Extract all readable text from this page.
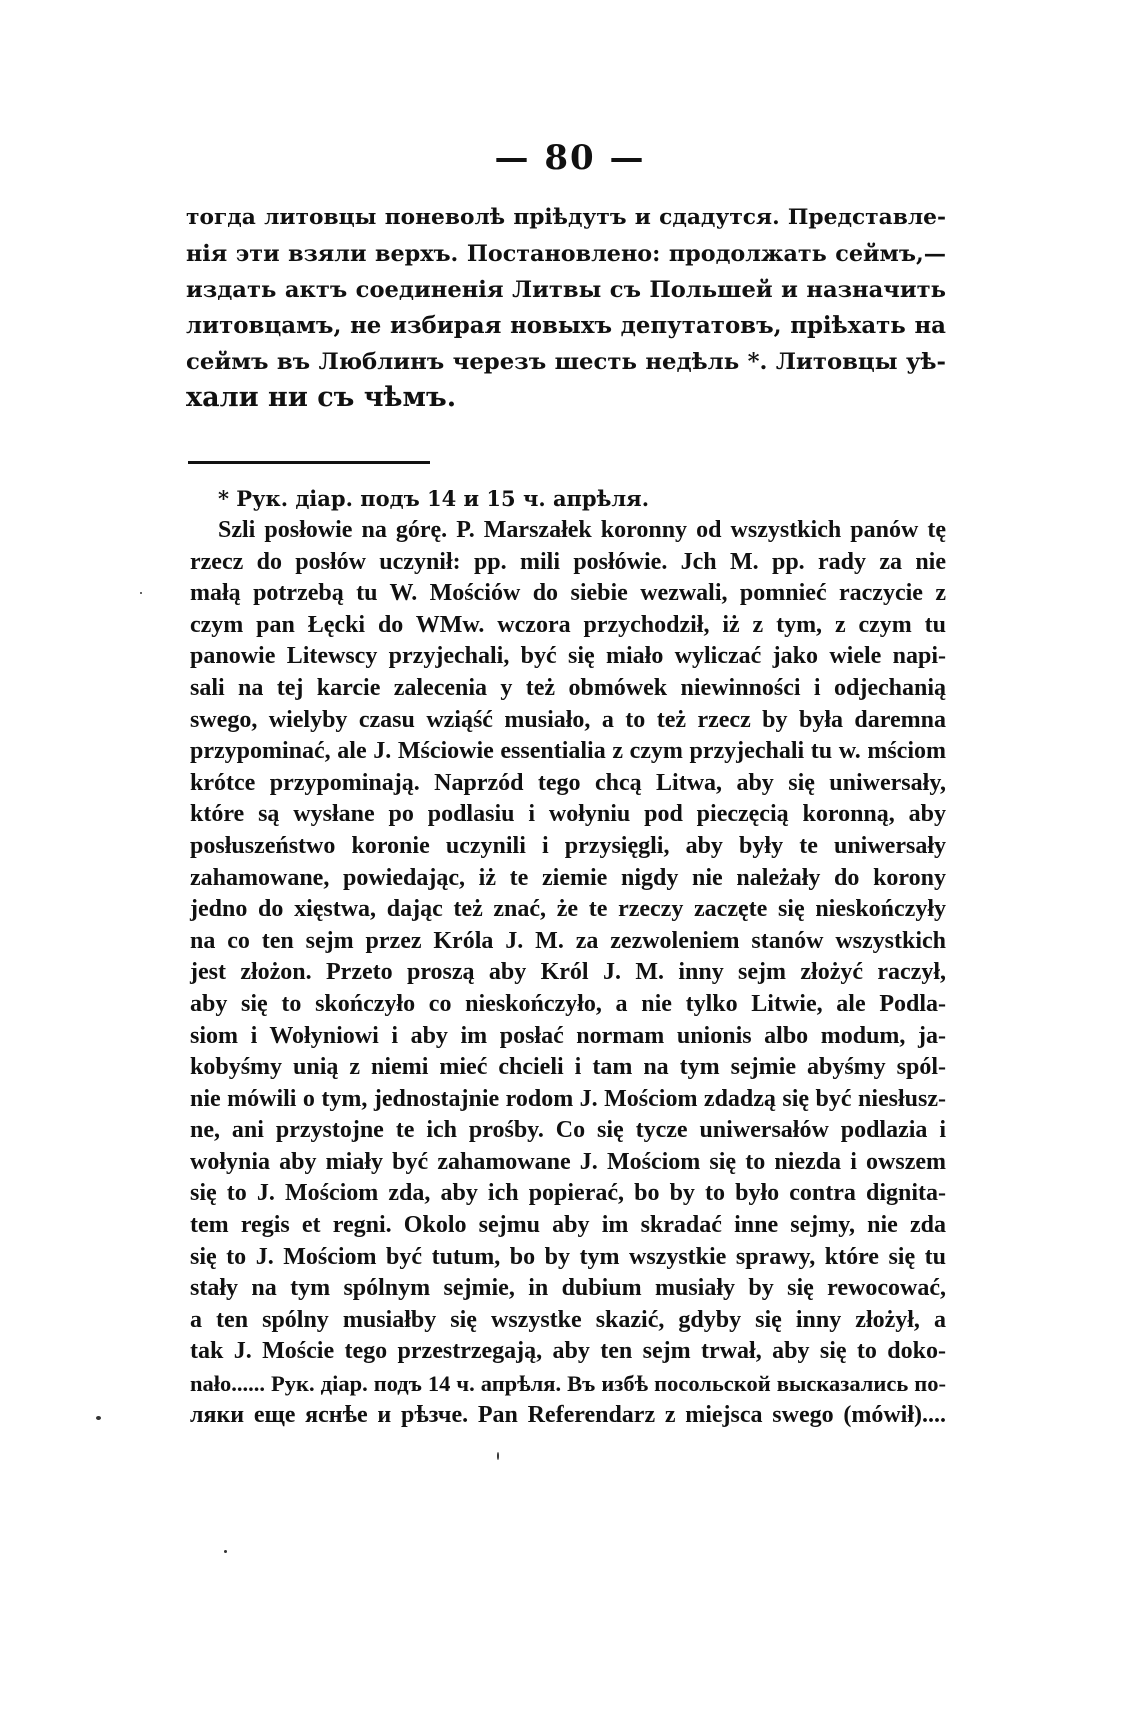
— 80 —
тогда литовцы поневолѣ пріѣдутъ и сдадутся. Представле-
нія эти взяли верхъ. Постановлено: продолжать сеймъ,—
издать актъ соединенія Литвы съ Польшей и назначить
литовцамъ, не избирая новыхъ депутатовъ, пріѣхать на
сеймъ въ Люблинъ черезъ шесть недѣль *. Литовцы уѣ-
хали ни съ чѣмъ.
* Рук. діар. подъ 14 и 15 ч. апрѣля.
Szli posłowie na górę. P. Marszałek koronny od wszystkich panów tę
rzecz do posłów uczynił: pp. mili posłówie. Jch M. pp. rady za nie
małą potrzebą tu W. Mościów do siebie wezwali, pomnieć raczycie z
czym pan Łęcki do WMw. wczora przychodził, iż z tym, z czym tu
panowie Litewscy przyjechali, być się miało wyliczać jako wiele napi-
sali na tej karcie zalecenia y też obmówek niewinności i odjechanią
swego, wielyby czasu wziąść musiało, a to też rzecz by była daremna
przypominać, ale J. Mściowie essentialia z czym przyjechali tu w. mściom
krótce przypominają. Naprzód tego chcą Litwa, aby się uniwersały,
które są wysłane po podlasiu i wołyniu pod pieczęcią koronną, aby
posłuszeństwo koronie uczynili i przysięgli, aby były te uniwersały
zahamowane, powiedając, iż te ziemie nigdy nie należały do korony
jedno do xięstwa, dając też znać, że te rzeczy zaczęte się nieskończyły
na co ten sejm przez Króla J. M. za zezwoleniem stanów wszystkich
jest złożon. Przeto proszą aby Król J. M. inny sejm złożyć raczył,
aby się to skończyło co nieskończyło, a nie tylko Litwie, ale Podla-
siom i Wołyniowi i aby im posłać normam unionis albo modum, ja-
kobyśmy unią z niemi mieć chcieli i tam na tym sejmie abyśmy spól-
nie mówili o tym, jednostajnie rodom J. Mościom zdadzą się być niesłusz-
ne, ani przystojne te ich prośby. Co się tycze uniwersałów podlazia i
wołynia aby miały być zahamowane J. Mościom się to niezda i owszem
się to J. Mościom zda, aby ich popierać, bo by to było contra dignita-
tem regis et regni. Okolo sejmu aby im skradać inne sejmy, nie zda
się to J. Mościom być tutum, bo by tym wszystkie sprawy, które się tu
stały na tym spólnym sejmie, in dubium musiały by się rewocować,
a ten spólny musiałby się wszystke skazić, gdyby się inny złożył, a
tak J. Moście tego przestrzegają, aby ten sejm trwał, aby się to doko-
nało...... Рук. діар. подъ 14 ч. апрѣля. Въ избѣ посольской высказались по-
ляки еще яснѣе и рѣзче. Pan Referendarz z miejsca swego (mówił)....
